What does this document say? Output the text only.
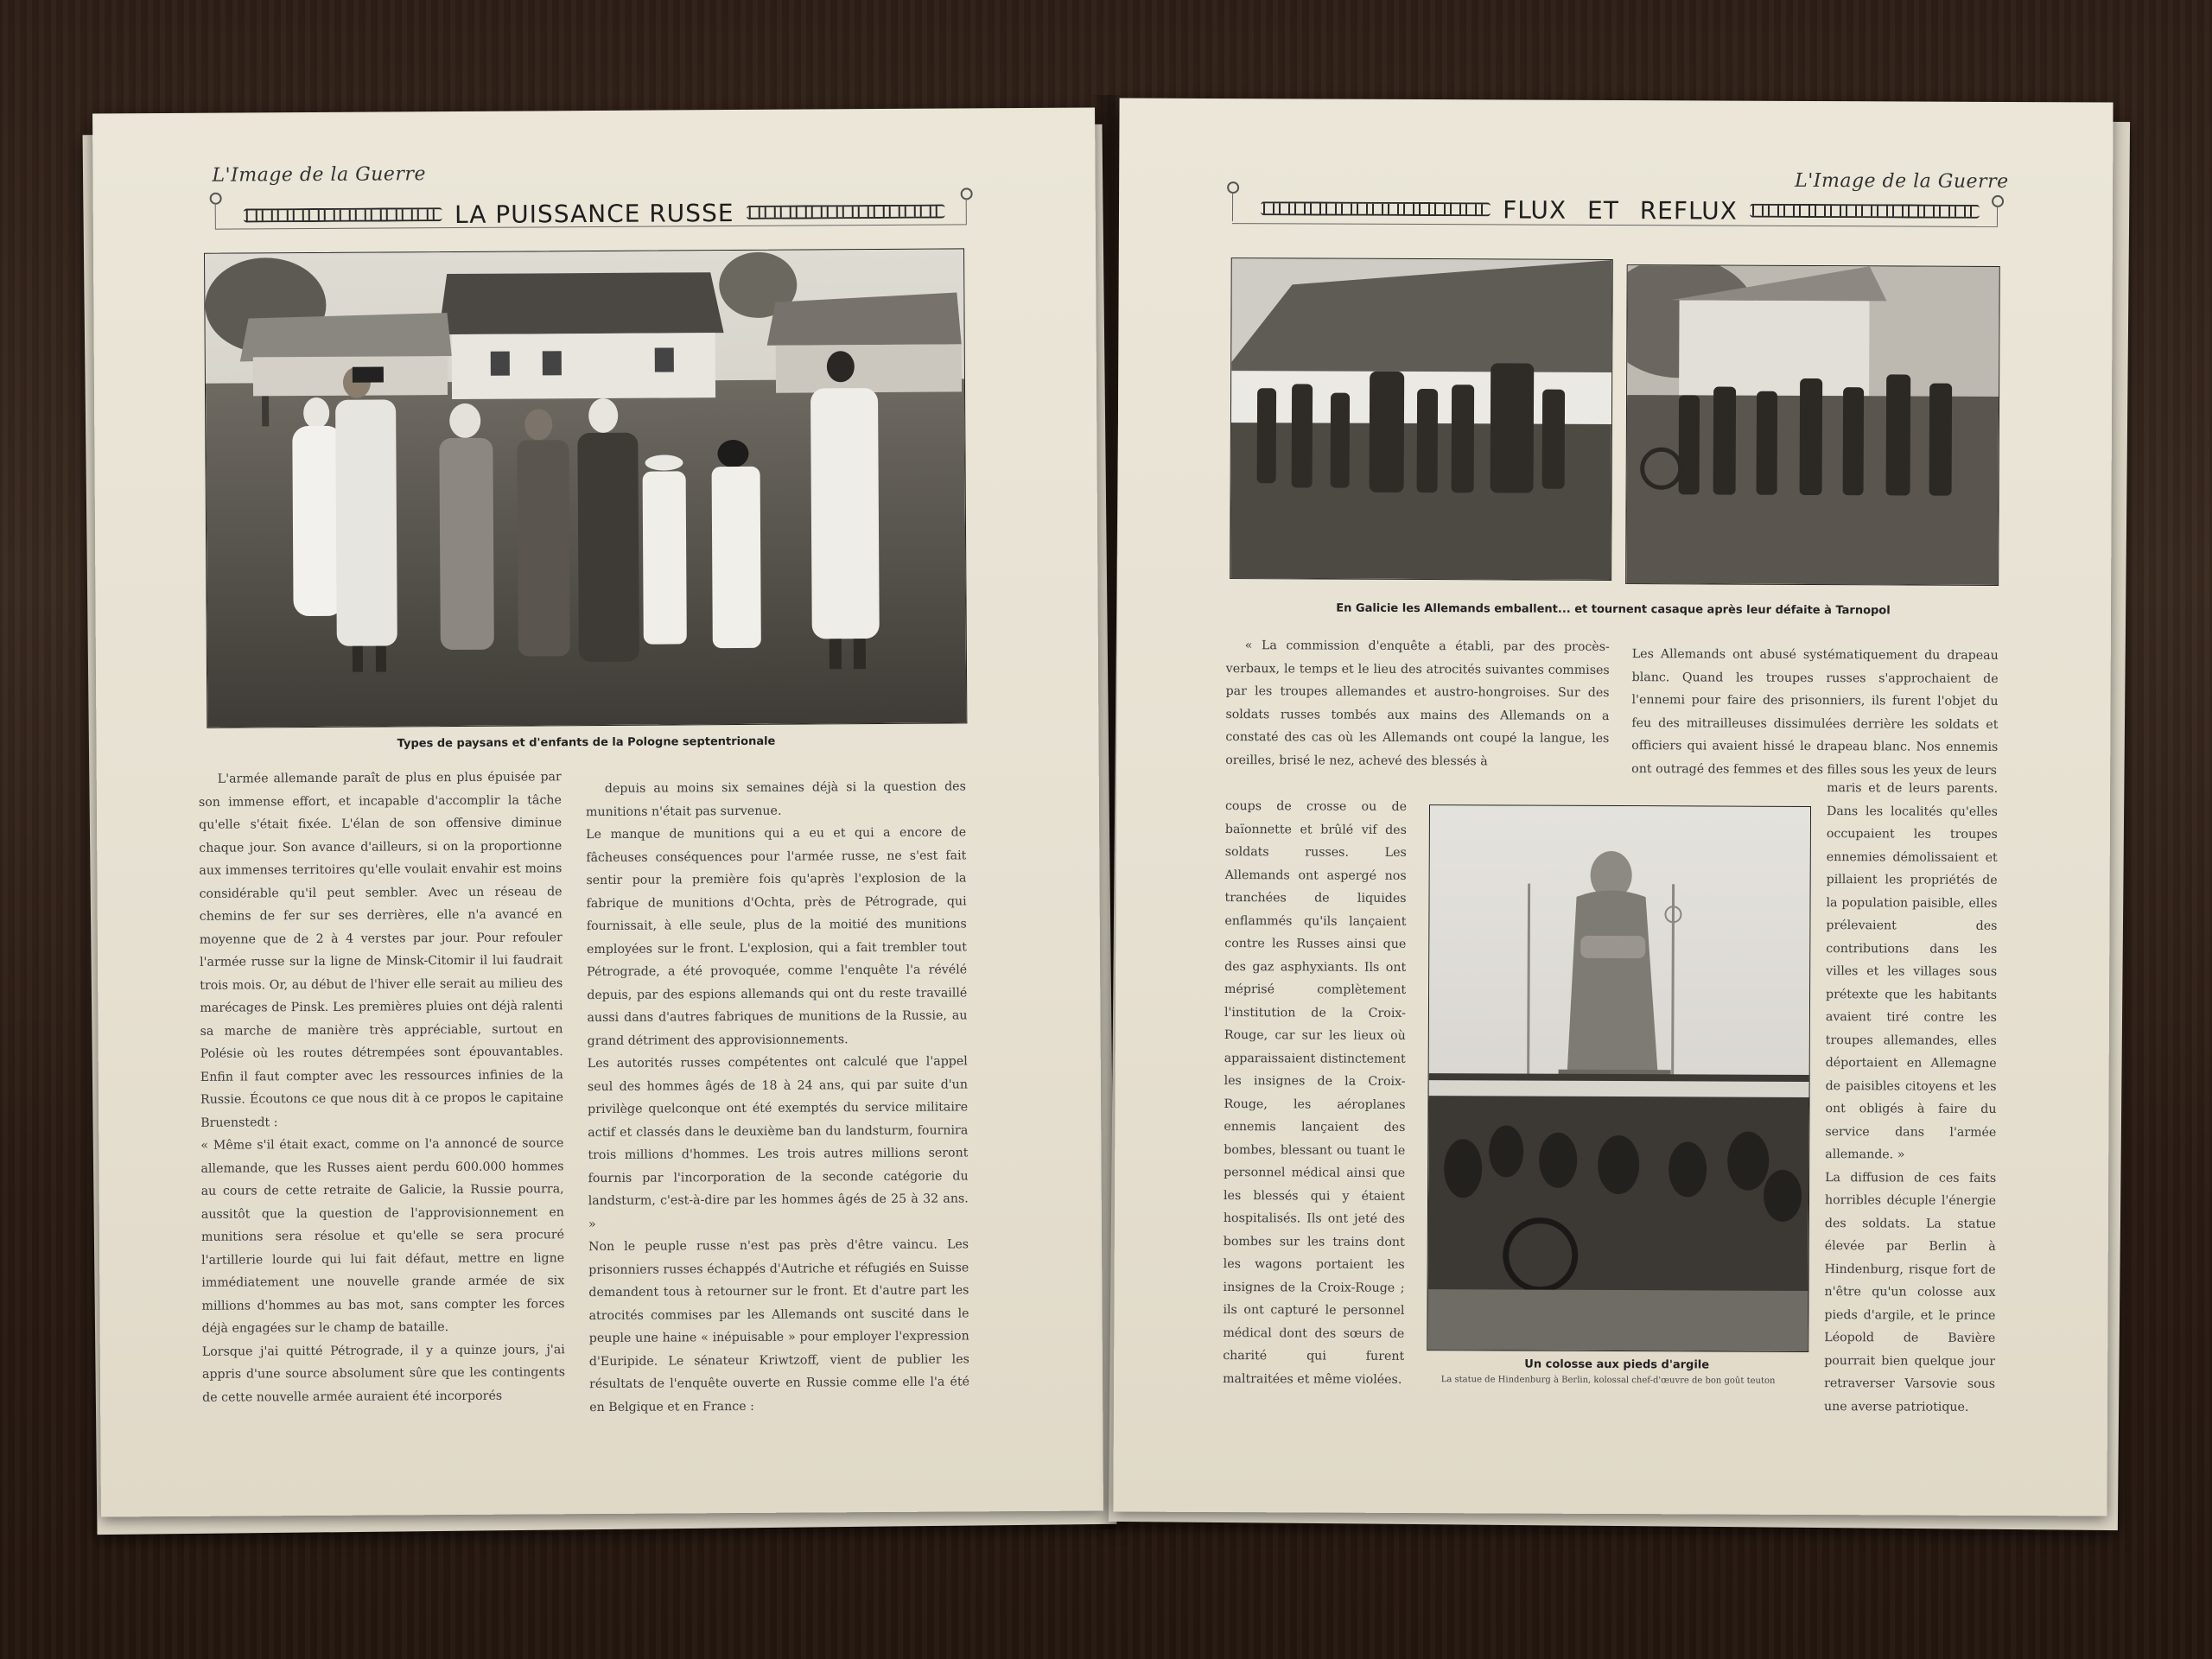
L'Image de la Guerre
LA PUISSANCE RUSSE
Types de paysans et d'enfants de la Pologne septentrionale
L'armée allemande paraît de plus en plus épuisée par son immense effort, et incapable d'accomplir la tâche qu'elle s'était fixée. L'élan de son offensive diminue chaque jour. Son avance d'ailleurs, si on la proportionne aux immenses territoires qu'elle voulait envahir est moins considérable qu'il peut sembler. Avec un réseau de chemins de fer sur ses derrières, elle n'a avancé en moyenne que de 2 à 4 verstes par jour. Pour refouler l'armée russe sur la ligne de Minsk-Citomir il lui faudrait trois mois. Or, au début de l'hiver elle serait au milieu des marécages de Pinsk. Les premières pluies ont déjà ralenti sa marche de manière très appréciable, surtout en Polésie où les routes détrempées sont épouvantables. Enfin il faut compter avec les ressources infinies de la Russie. Écoutons ce que nous dit à ce propos le capitaine Bruenstedt :
« Même s'il était exact, comme on l'a annoncé de source allemande, que les Russes aient perdu 600.000 hommes au cours de cette retraite de Galicie, la Russie pourra, aussitôt que la question de l'approvisionnement en munitions sera résolue et qu'elle se sera procuré l'artillerie lourde qui lui fait défaut, mettre en ligne immédiatement une nouvelle grande armée de six millions d'hommes au bas mot, sans compter les forces déjà engagées sur le champ de bataille.
Lorsque j'ai quitté Pétrograde, il y a quinze jours, j'ai appris d'une source absolument sûre que les contingents de cette nouvelle armée auraient été incorporés
depuis au moins six semaines déjà si la question des munitions n'était pas survenue.
Le manque de munitions qui a eu et qui a encore de fâcheuses conséquences pour l'armée russe, ne s'est fait sentir pour la première fois qu'après l'explosion de la fabrique de munitions d'Ochta, près de Pétrograde, qui fournissait, à elle seule, plus de la moitié des munitions employées sur le front. L'explosion, qui a fait trembler tout Pétrograde, a été provoquée, comme l'enquête l'a révélé depuis, par des espions allemands qui ont du reste travaillé aussi dans d'autres fabriques de munitions de la Russie, au grand détriment des approvisionnements.
Les autorités russes compétentes ont calculé que l'appel seul des hommes âgés de 18 à 24 ans, qui par suite d'un privilège quelconque ont été exemptés du service militaire actif et classés dans le deuxième ban du landsturm, fournira trois millions d'hommes. Les trois autres millions seront fournis par l'incorporation de la seconde catégorie du landsturm, c'est-à-dire par les hommes âgés de 25 à 32 ans. »
Non le peuple russe n'est pas près d'être vaincu. Les prisonniers russes échappés d'Autriche et réfugiés en Suisse demandent tous à retourner sur le front. Et d'autre part les atrocités commises par les Allemands ont suscité dans le peuple une haine « inépuisable » pour employer l'expression d'Euripide. Le sénateur Kriwtzoff, vient de publier les résultats de l'enquête ouverte en Russie comme elle l'a été en Belgique et en France :
L'Image de la Guerre
FLUX ET REFLUX
En Galicie les Allemands emballent... et tournent casaque après leur défaite à Tarnopol
« La commission d'enquête a établi, par des procès-verbaux, le temps et le lieu des atrocités suivantes commises par les troupes allemandes et austro-hongroises. Sur des soldats russes tombés aux mains des Allemands on a constaté des cas où les Allemands ont coupé la langue, les oreilles, brisé le nez, achevé des blessés à
Les Allemands ont abusé systématiquement du drapeau blanc. Quand les troupes russes s'approchaient de l'ennemi pour faire des prisonniers, ils furent l'objet du feu des mitrailleuses dissimulées derrière les soldats et officiers qui avaient hissé le drapeau blanc. Nos ennemis ont outragé des femmes et des filles sous les yeux de leurs
coups de crosse ou de baïonnette et brûlé vif des soldats russes. Les Allemands ont aspergé nos tranchées de liquides enflammés qu'ils lançaient contre les Russes ainsi que des gaz asphyxiants. Ils ont méprisé complètement l'institution de la Croix-Rouge, car sur les lieux où apparaissaient distinctement les insignes de la Croix-Rouge, les aéroplanes ennemis lançaient des bombes, blessant ou tuant le personnel médical ainsi que les blessés qui y étaient hospitalisés. Ils ont jeté des bombes sur les trains dont les wagons portaient les insignes de la Croix-Rouge ; ils ont capturé le personnel médical dont des sœurs de charité qui furent maltraitées et même violées.
Un colosse aux pieds d'argile
La statue de Hindenburg à Berlin, kolossal chef-d'œuvre de bon goût teuton
maris et de leurs parents. Dans les localités qu'elles occupaient les troupes ennemies démolissaient et pillaient les propriétés de la population paisible, elles prélevaient des contributions dans les villes et les villages sous prétexte que les habitants avaient tiré contre les troupes allemandes, elles déportaient en Allemagne de paisibles citoyens et les ont obligés à faire du service dans l'armée allemande. »
La diffusion de ces faits horribles décuple l'énergie des soldats. La statue élevée par Berlin à Hindenburg, risque fort de n'être qu'un colosse aux pieds d'argile, et le prince Léopold de Bavière pourrait bien quelque jour retraverser Varsovie sous une averse patriotique.
